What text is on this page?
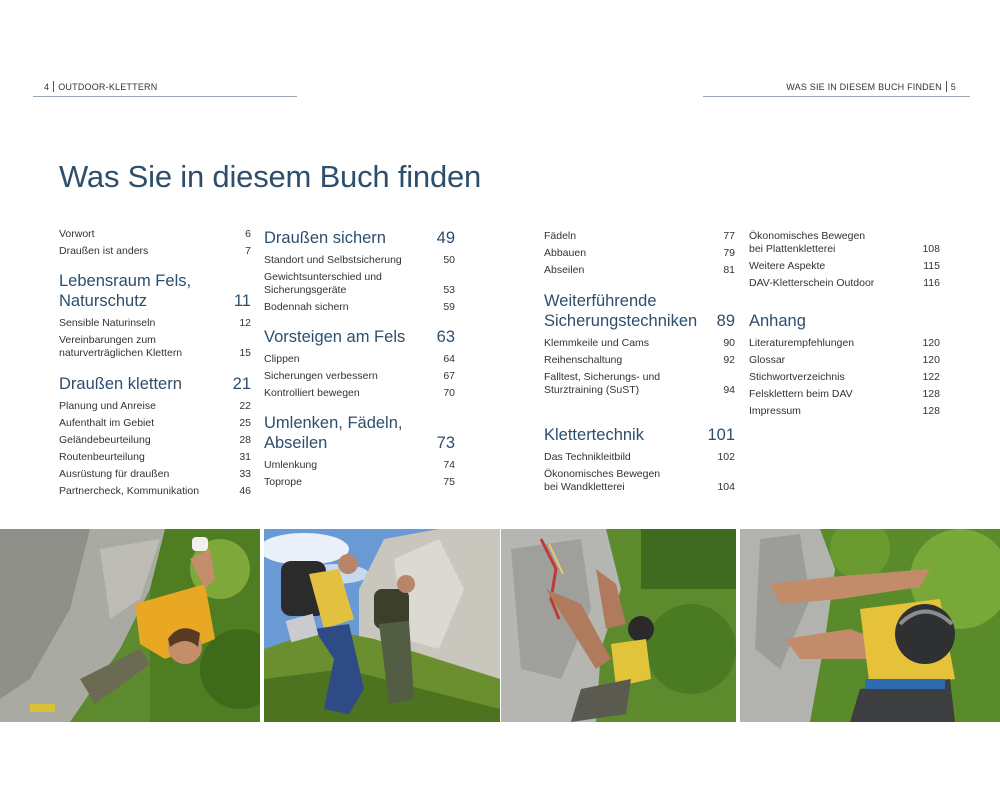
4 OUTDOOR-KLETTERN	WAS SIE IN DIESEM BUCH FINDEN 5
Was Sie in diesem Buch finden
Vorwort	6
Draußen ist anders	7
Lebensraum Fels, Naturschutz	11
Sensible Naturinseln	12
Vereinbarungen zum naturverträglichen Klettern	15
Draußen klettern	21
Planung und Anreise	22
Aufenthalt im Gebiet	25
Geländebeurteilung	28
Routenbeurteilung	31
Ausrüstung für draußen	33
Partnercheck, Kommunikation	46
Draußen sichern	49
Standort und Selbstsicherung	50
Gewichtsunterschied und Sicherungsgeräte	53
Bodennah sichern	59
Vorsteigen am Fels 63
Clippen	64
Sicherungen verbessern	67
Kontrolliert bewegen	70
Umlenken, Fädeln, Abseilen	73
Umlenkung	74
Toprope	75
Fädeln	77
Abbauen	79
Abseilen	81
Weiterführende Sicherungstechniken 89
Klemmkeile und Cams	90
Reihenschaltung	92
Falltest, Sicherungs- und Sturztraining (SuST)	94
Klettertechnik	101
Das Technikleitbild	102
Ökonomisches Bewegen bei Wandkletterei	104
Ökonomisches Bewegen bei Plattenkletterei	108
Weitere Aspekte	115
DAV-Kletterschein Outdoor	116
Anhang
Literaturempfehlungen	120
Glossar	120
Stichwortverzeichnis	122
Felsklettern beim DAV	128
Impressum	128
